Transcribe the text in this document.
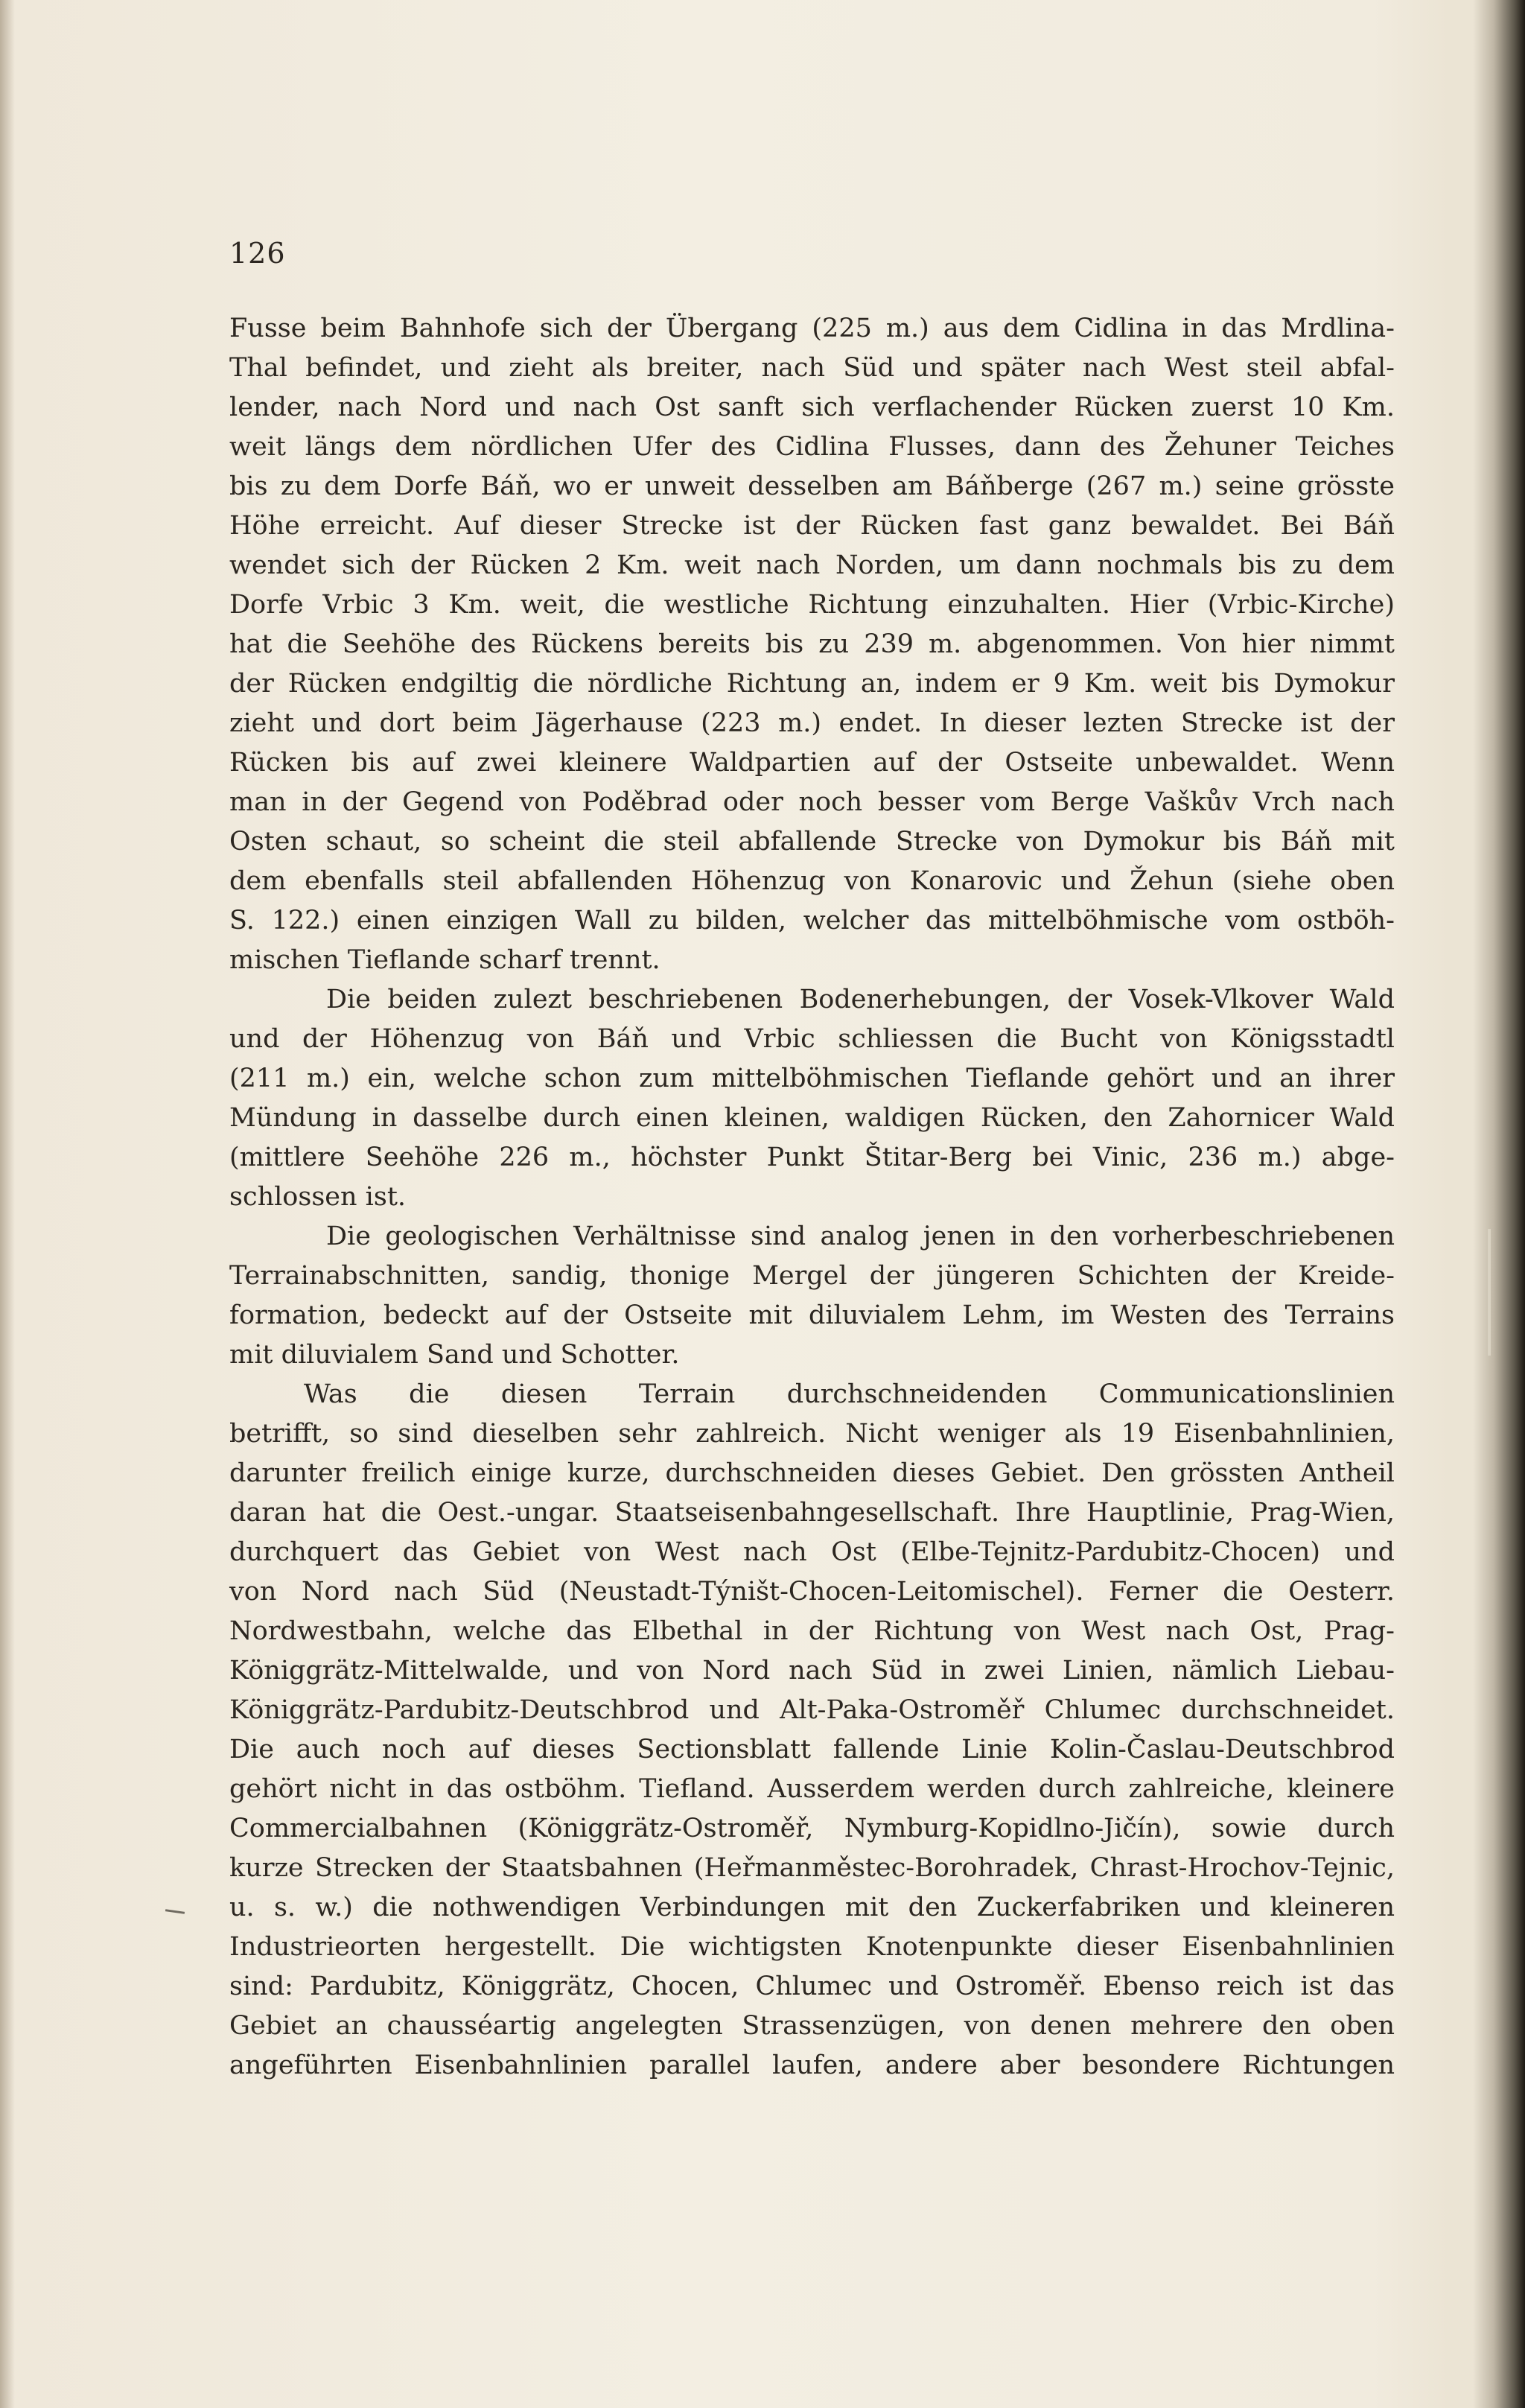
126
Fusse beim Bahnhofe sich der Übergang (225 m.) aus dem Cidlina in das Mrdlina-
Thal befindet, und zieht als breiter, nach Süd und später nach West steil abfal-
lender, nach Nord und nach Ost sanft sich verflachender Rücken zuerst 10 Km.
weit längs dem nördlichen Ufer des Cidlina Flusses, dann des Žehuner Teiches
bis zu dem Dorfe Báň, wo er unweit desselben am Báňberge (267 m.) seine grösste
Höhe erreicht. Auf dieser Strecke ist der Rücken fast ganz bewaldet. Bei Báň
wendet sich der Rücken 2 Km. weit nach Norden, um dann nochmals bis zu dem
Dorfe Vrbic 3 Km. weit, die westliche Richtung einzuhalten. Hier (Vrbic-Kirche)
hat die Seehöhe des Rückens bereits bis zu 239 m. abgenommen. Von hier nimmt
der Rücken endgiltig die nördliche Richtung an, indem er 9 Km. weit bis Dymokur
zieht und dort beim Jägerhause (223 m.) endet. In dieser lezten Strecke ist der
Rücken bis auf zwei kleinere Waldpartien auf der Ostseite unbewaldet. Wenn
man in der Gegend von Poděbrad oder noch besser vom Berge Vaškův Vrch nach
Osten schaut, so scheint die steil abfallende Strecke von Dymokur bis Báň mit
dem ebenfalls steil abfallenden Höhenzug von Konarovic und Žehun (siehe oben
S. 122.) einen einzigen Wall zu bilden, welcher das mittelböhmische vom ostböh-
mischen Tieflande scharf trennt.
Die beiden zulezt beschriebenen Bodenerhebungen, der Vosek-Vlkover Wald
und der Höhenzug von Báň und Vrbic schliessen die Bucht von Königsstadtl
(211 m.) ein, welche schon zum mittelböhmischen Tieflande gehört und an ihrer
Mündung in dasselbe durch einen kleinen, waldigen Rücken, den Zahornicer Wald
(mittlere Seehöhe 226 m., höchster Punkt Štitar-Berg bei Vinic, 236 m.) abge-
schlossen ist.
Die geologischen Verhältnisse sind analog jenen in den vorherbeschriebenen
Terrainabschnitten, sandig, thonige Mergel der jüngeren Schichten der Kreide-
formation, bedeckt auf der Ostseite mit diluvialem Lehm, im Westen des Terrains
mit diluvialem Sand und Schotter.
Was die diesen Terrain durchschneidenden Communicationslinien
betrifft, so sind dieselben sehr zahlreich. Nicht weniger als 19 Eisenbahnlinien,
darunter freilich einige kurze, durchschneiden dieses Gebiet. Den grössten Antheil
daran hat die Oest.-ungar. Staatseisenbahngesellschaft. Ihre Hauptlinie, Prag-Wien,
durchquert das Gebiet von West nach Ost (Elbe-Tejnitz-Pardubitz-Chocen) und
von Nord nach Süd (Neustadt-Týništ-Chocen-Leitomischel). Ferner die Oesterr.
Nordwestbahn, welche das Elbethal in der Richtung von West nach Ost, Prag-
Königgrätz-Mittelwalde, und von Nord nach Süd in zwei Linien, nämlich Liebau-
Königgrätz-Pardubitz-Deutschbrod und Alt-Paka-Ostroměř Chlumec durchschneidet.
Die auch noch auf dieses Sectionsblatt fallende Linie Kolin-Časlau-Deutschbrod
gehört nicht in das ostböhm. Tiefland. Ausserdem werden durch zahlreiche, kleinere
Commercialbahnen (Königgrätz-Ostroměř, Nymburg-Kopidlno-Jičín), sowie durch
kurze Strecken der Staatsbahnen (Heřmanměstec-Borohradek, Chrast-Hrochov-Tejnic,
u. s. w.) die nothwendigen Verbindungen mit den Zuckerfabriken und kleineren
Industrieorten hergestellt. Die wichtigsten Knotenpunkte dieser Eisenbahnlinien
sind: Pardubitz, Königgrätz, Chocen, Chlumec und Ostroměř. Ebenso reich ist das
Gebiet an chausséartig angelegten Strassenzügen, von denen mehrere den oben
angeführten Eisenbahnlinien parallel laufen, andere aber besondere Richtungen
